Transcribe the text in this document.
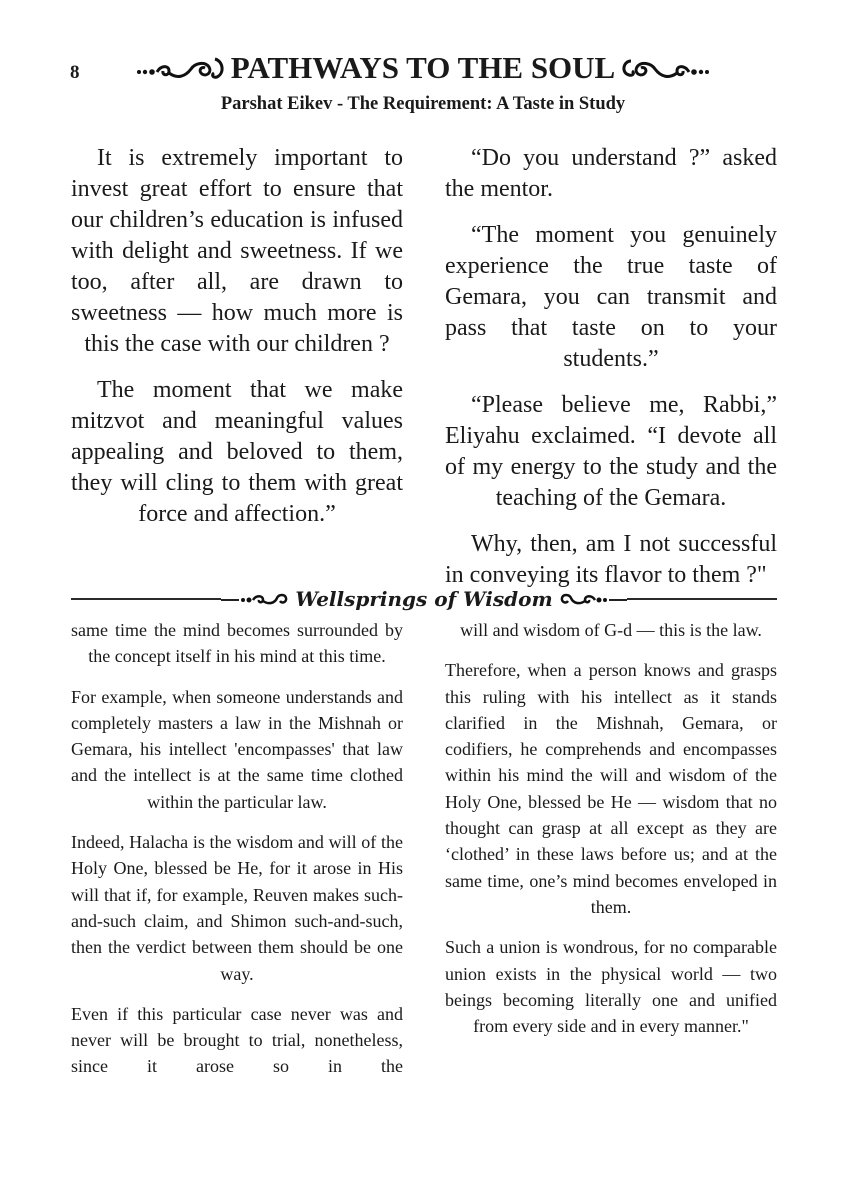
8	PATHWAYS TO THE SOUL
Parshat Eikev - The Requirement: A Taste in Study

It is extremely important to invest great effort to ensure that our children’s education is infused with delight and sweetness. If we too, after all, are drawn to sweetness — how much more is this the case with our children ?

The moment that we make mitzvot and meaningful values appealing and beloved to them, they will cling to them with great force and affection.”

“Do you understand ?” asked the mentor.

“The moment you genuinely experience the true taste of Gemara, you can transmit and pass that taste on to your students.”

“Please believe me, Rabbi,” Eliyahu exclaimed. “I devote all of my energy to the study and the teaching of the Gemara.

Why, then, am I not successful in conveying its flavor to them ?"

Wellsprings of Wisdom

same time the mind becomes surrounded by the concept itself in his mind at this time.

For example, when someone understands and completely masters a law in the Mishnah or Gemara, his intellect 'encompasses' that law and the intellect is at the same time clothed within the particular law.

Indeed, Halacha is the wisdom and will of the Holy One, blessed be He, for it arose in His will that if, for example, Reuven makes such-and-such claim, and Shimon such-and-such, then the verdict between them should be one way.

Even if this particular case never was and never will be brought to trial, nonetheless, since it arose so in the

will and wisdom of G-d — this is the law.

Therefore, when a person knows and grasps this ruling with his intellect as it stands clarified in the Mishnah, Gemara, or codifiers, he comprehends and encompasses within his mind the will and wisdom of the Holy One, blessed be He — wisdom that no thought can grasp at all except as they are ‘clothed’ in these laws before us; and at the same time, one’s mind becomes enveloped in them.

Such a union is wondrous, for no comparable union exists in the physical world — two beings becoming literally one and unified from every side and in every manner."
